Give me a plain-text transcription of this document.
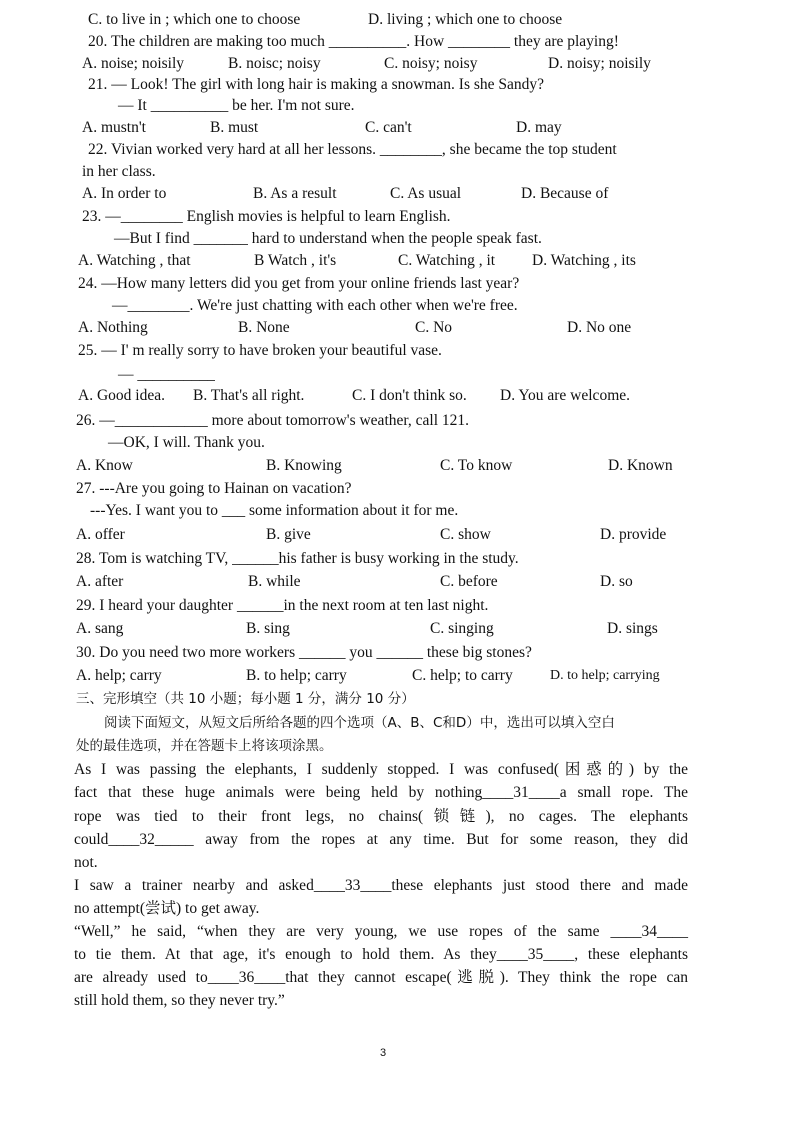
C. to live in ; which one to choose	D. living ; which one to choose
20. The children are making too much __________. How ________ they are playing!
A. noise; noisily	B. noisc; noisy	C. noisy; noisy	D. noisy; noisily
21. — Look! The girl with long hair is making a snowman. Is she Sandy?
— It __________ be her. I'm not sure.
A. mustn't	B. must	C. can't	D. may
22. Vivian worked very hard at all her lessons. ________, she became the top student
in her class.
A. In order to	B. As a result	C. As usual	D. Because of
23. —________ English movies is helpful to learn English.
—But I find _______ hard to understand when the people speak fast.
A. Watching , that	B Watch , it's	C. Watching , it D. Watching , its
24. —How many letters did you get from your online friends last year?
—________. We're just chatting with each other when we're free.
A. Nothing	B. None	C. No	D. No one
25. — I' m really sorry to have broken your beautiful vase.
— __________
A. Good idea. B. That's all right.	C. I don't think so. D. You are welcome.
26. —____________ more about tomorrow's weather, call 121.
—OK, I will. Thank you.
A. Know	B. Knowing	C. To know	D. Known
27. ---Are you going to Hainan on vacation?
---Yes. I want you to ___ some information about it for me.
A. offer	B. give	C. show	D. provide
28. Tom is watching TV, ______his father is busy working in the study.
A. after	B. while	C. before	D. so
29. I heard your daughter ______in the next room at ten last night.
A. sang	B. sing	C. singing	D. sings
30. Do you need two more workers ______ you ______ these big stones?
A. help; carry	B. to help; carry	C. help; to carry	D. to help; carrying
三、完形填空（共 10 小题；每小题 1 分，满分 10 分）
阅读下面短文，从短文后所给各题的四个选项（A、B、C和D）中，选出可以填入空白
处的最佳选项，并在答题卡上将该项涂黑。
As I was passing the elephants, I suddenly stopped. I was confused(困惑的) by the
fact that these huge animals were being held by nothing____31____a small rope. The
rope was tied to their front legs, no chains(锁链), no cages. The elephants
could____32_____ away from the ropes at any time. But for some reason, they did
not.
I saw a trainer nearby and asked____33____these elephants just stood there and made
no attempt(尝试) to get away.
“Well,” he said, “when they are very young, we use ropes of the same ____34____
to tie them. At that age, it's enough to hold them. As they____35____, these elephants
are already used to____36____that they cannot escape(逃脱). They think the rope can
still hold them, so they never try.”
3
